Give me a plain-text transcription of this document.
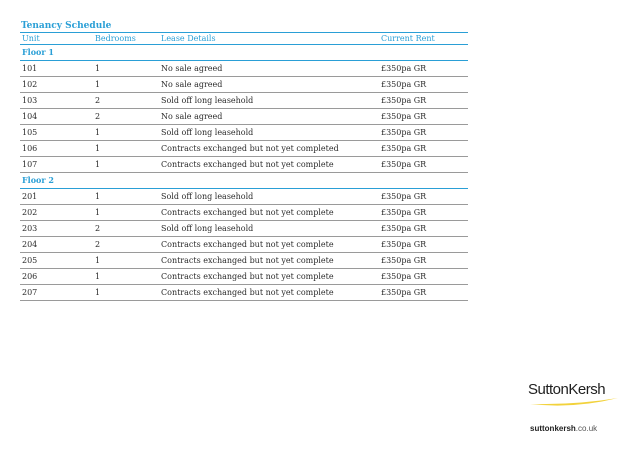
Tenancy Schedule
Unit	Bedrooms	Lease Details	Current Rent
Floor 1			
101	1	No sale agreed	£350pa GR
102	1	No sale agreed	£350pa GR
103	2	Sold off long leasehold	£350pa GR
104	2	No sale agreed	£350pa GR
105	1	Sold off long leasehold	£350pa GR
106	1	Contracts exchanged but not yet completed	£350pa GR
107	1	Contracts exchanged but not yet complete	£350pa GR
Floor 2			
201	1	Sold off long leasehold	£350pa GR
202	1	Contracts exchanged but not yet complete	£350pa GR
203	2	Sold off long leasehold	£350pa GR
204	2	Contracts exchanged but not yet complete	£350pa GR
205	1	Contracts exchanged but not yet complete	£350pa GR
206	1	Contracts exchanged but not yet complete	£350pa GR
207	1	Contracts exchanged but not yet complete	£350pa GR
SuttonKersh
suttonkersh.co.uk
